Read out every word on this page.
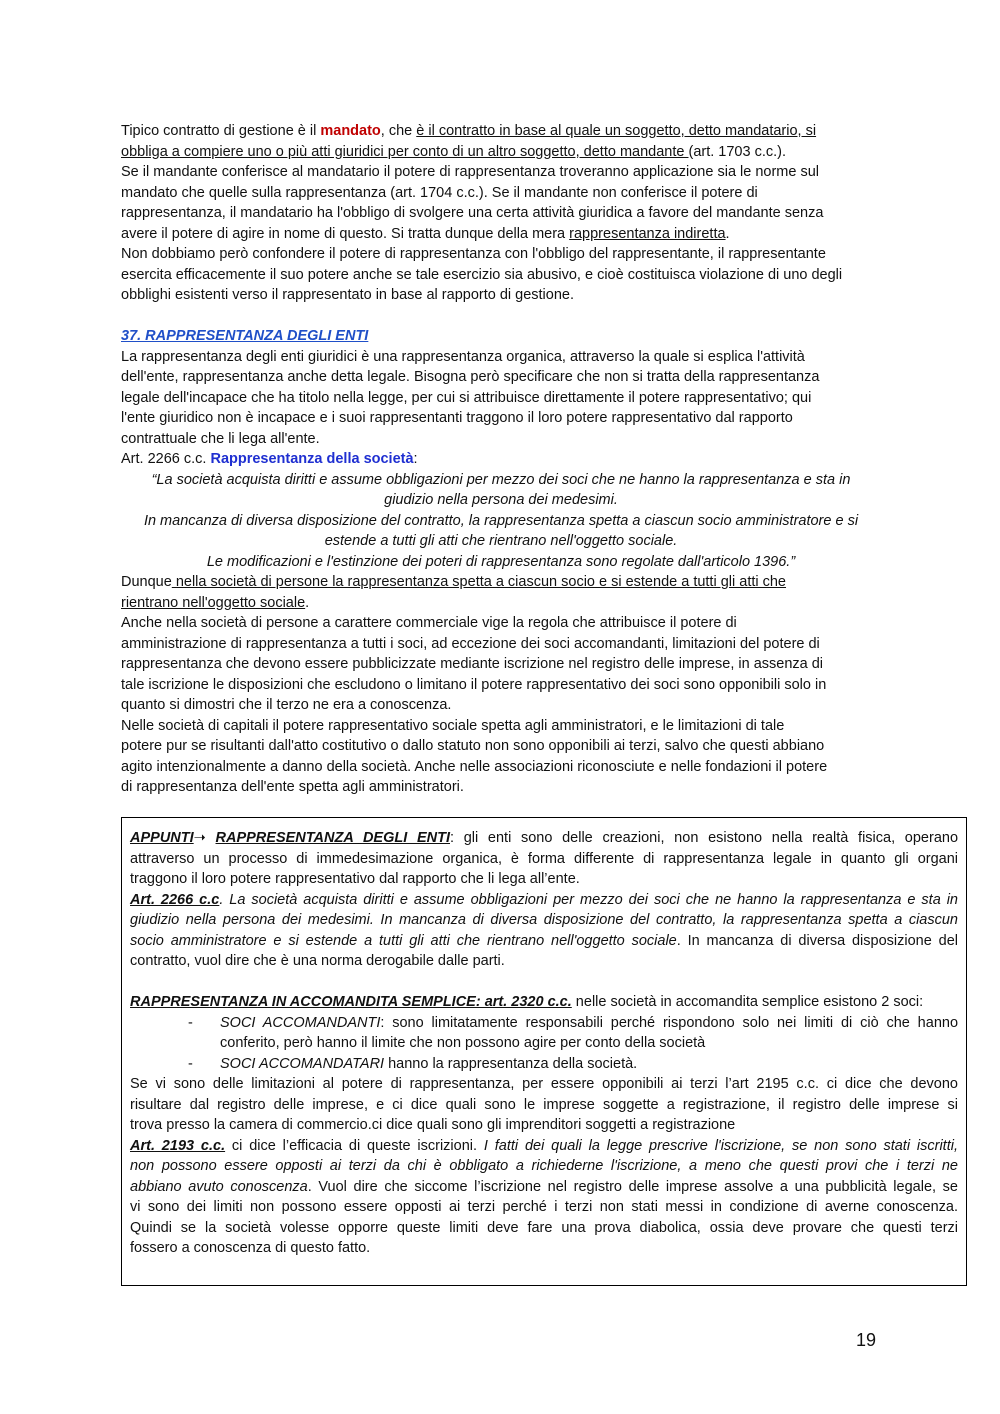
Tipico contratto di gestione è il mandato, che è il contratto in base al quale un soggetto, detto mandatario, si
obbliga a compiere uno o più atti giuridici per conto di un altro soggetto, detto mandante (art. 1703 c.c.).
Se il mandante conferisce al mandatario il potere di rappresentanza troveranno applicazione sia le norme sul
mandato che quelle sulla rappresentanza (art. 1704 c.c.). Se il mandante non conferisce il potere di
rappresentanza, il mandatario ha l'obbligo di svolgere una certa attività giuridica a favore del mandante senza
avere il potere di agire in nome di questo. Si tratta dunque della mera rappresentanza indiretta.
Non dobbiamo però confondere il potere di rappresentanza con l'obbligo del rappresentante, il rappresentante
esercita efficacemente il suo potere anche se tale esercizio sia abusivo, e cioè costituisca violazione di uno degli
obblighi esistenti verso il rappresentato in base al rapporto di gestione.
37. RAPPRESENTANZA DEGLI ENTI
La rappresentanza degli enti giuridici è una rappresentanza organica, attraverso la quale si esplica l'attività
dell'ente, rappresentanza anche detta legale. Bisogna però specificare che non si tratta della rappresentanza
legale dell'incapace che ha titolo nella legge, per cui si attribuisce direttamente il potere rappresentativo; qui
l'ente giuridico non è incapace e i suoi rappresentanti traggono il loro potere rappresentativo dal rapporto
contrattuale che li lega all'ente.
Art. 2266 c.c. Rappresentanza della società:
“La società acquista diritti e assume obbligazioni per mezzo dei soci che ne hanno la rappresentanza e sta in
giudizio nella persona dei medesimi.
In mancanza di diversa disposizione del contratto, la rappresentanza spetta a ciascun socio amministratore e si
estende a tutti gli atti che rientrano nell'oggetto sociale.
Le modificazioni e l'estinzione dei poteri di rappresentanza sono regolate dall'articolo 1396.”
Dunque nella società di persone la rappresentanza spetta a ciascun socio e si estende a tutti gli atti che
rientrano nell'oggetto sociale.
Anche nella società di persone a carattere commerciale vige la regola che attribuisce il potere di
amministrazione di rappresentanza a tutti i soci, ad eccezione dei soci accomandanti, limitazioni del potere di
rappresentanza che devono essere pubblicizzate mediante iscrizione nel registro delle imprese, in assenza di
tale iscrizione le disposizioni che escludono o limitano il potere rappresentativo dei soci sono opponibili solo in
quanto si dimostri che il terzo ne era a conoscenza.
Nelle società di capitali il potere rappresentativo sociale spetta agli amministratori, e le limitazioni di tale
potere pur se risultanti dall'atto costitutivo o dallo statuto non sono opponibili ai terzi, salvo che questi abbiano
agito intenzionalmente a danno della società. Anche nelle associazioni riconosciute e nelle fondazioni il potere
di rappresentanza dell'ente spetta agli amministratori.
APPUNTI➝ RAPPRESENTANZA DEGLI ENTI: gli enti sono delle creazioni, non esistono nella realtà fisica, operano
attraverso un processo di immedesimazione organica, è forma differente di rappresentanza legale in quanto gli organi
traggono il loro potere rappresentativo dal rapporto che li lega all’ente.
Art. 2266 c.c. La società acquista diritti e assume obbligazioni per mezzo dei soci che ne hanno la rappresentanza e sta in
giudizio nella persona dei medesimi. In mancanza di diversa disposizione del contratto, la rappresentanza spetta a ciascun
socio amministratore e si estende a tutti gli atti che rientrano nell'oggetto sociale. In mancanza di diversa disposizione del
contratto, vuol dire che è una norma derogabile dalle parti.

RAPPRESENTANZA IN ACCOMANDITA SEMPLICE: art. 2320 c.c. nelle società in accomandita semplice esistono 2 soci:
- SOCI ACCOMANDANTI: sono limitatamente responsabili perché rispondono solo nei limiti di ciò che hanno
conferito, però hanno il limite che non possono agire per conto della società
- SOCI ACCOMANDATARI hanno la rappresentanza della società.
Se vi sono delle limitazioni al potere di rappresentanza, per essere opponibili ai terzi l’art 2195 c.c. ci dice che devono
risultare dal registro delle imprese, e ci dice quali sono le imprese soggette a registrazione, il registro delle imprese si
trova presso la camera di commercio.ci dice quali sono gli imprenditori soggetti a registrazione
Art. 2193 c.c. ci dice l’efficacia di queste iscrizioni. I fatti dei quali la legge prescrive l'iscrizione, se non sono stati iscritti,
non possono essere opposti ai terzi da chi è obbligato a richiederne l'iscrizione, a meno che questi provi che i terzi ne
abbiano avuto conoscenza. Vuol dire che siccome l’iscrizione nel registro delle imprese assolve a una pubblicità legale, se
vi sono dei limiti non possono essere opposti ai terzi perché i terzi non stati messi in condizione di averne conoscenza.
Quindi se la società volesse opporre queste limiti deve fare una prova diabolica, ossia deve provare che questi terzi
fossero a conoscenza di questo fatto.
19
